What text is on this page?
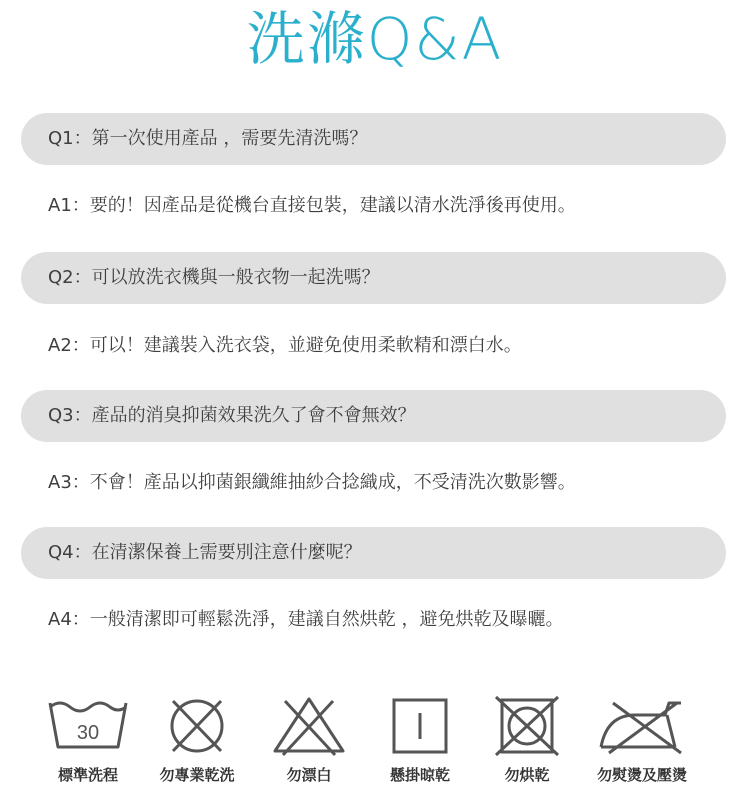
洗滌Q&A
Q1：第一次使用產品 ，需要先清洗嗎？
A1：要的！因產品是從機台直接包裝，建議以清水洗淨後再使用。
Q2：可以放洗衣機與一般衣物一起洗嗎？
A2：可以！建議裝入洗衣袋，並避免使用柔軟精和漂白水。
Q3：產品的消臭抑菌效果洗久了會不會無效？
A3：不會！產品以抑菌銀纖維抽紗合捻織成，不受清洗次數影響。
Q4：在清潔保養上需要別注意什麼呢？
A4：一般清潔即可輕鬆洗淨，建議自然烘乾 ，避免烘乾及曝曬。
30
標準洗程	勿專業乾洗	勿漂白	懸掛晾乾	勿烘乾	勿熨燙及壓燙
